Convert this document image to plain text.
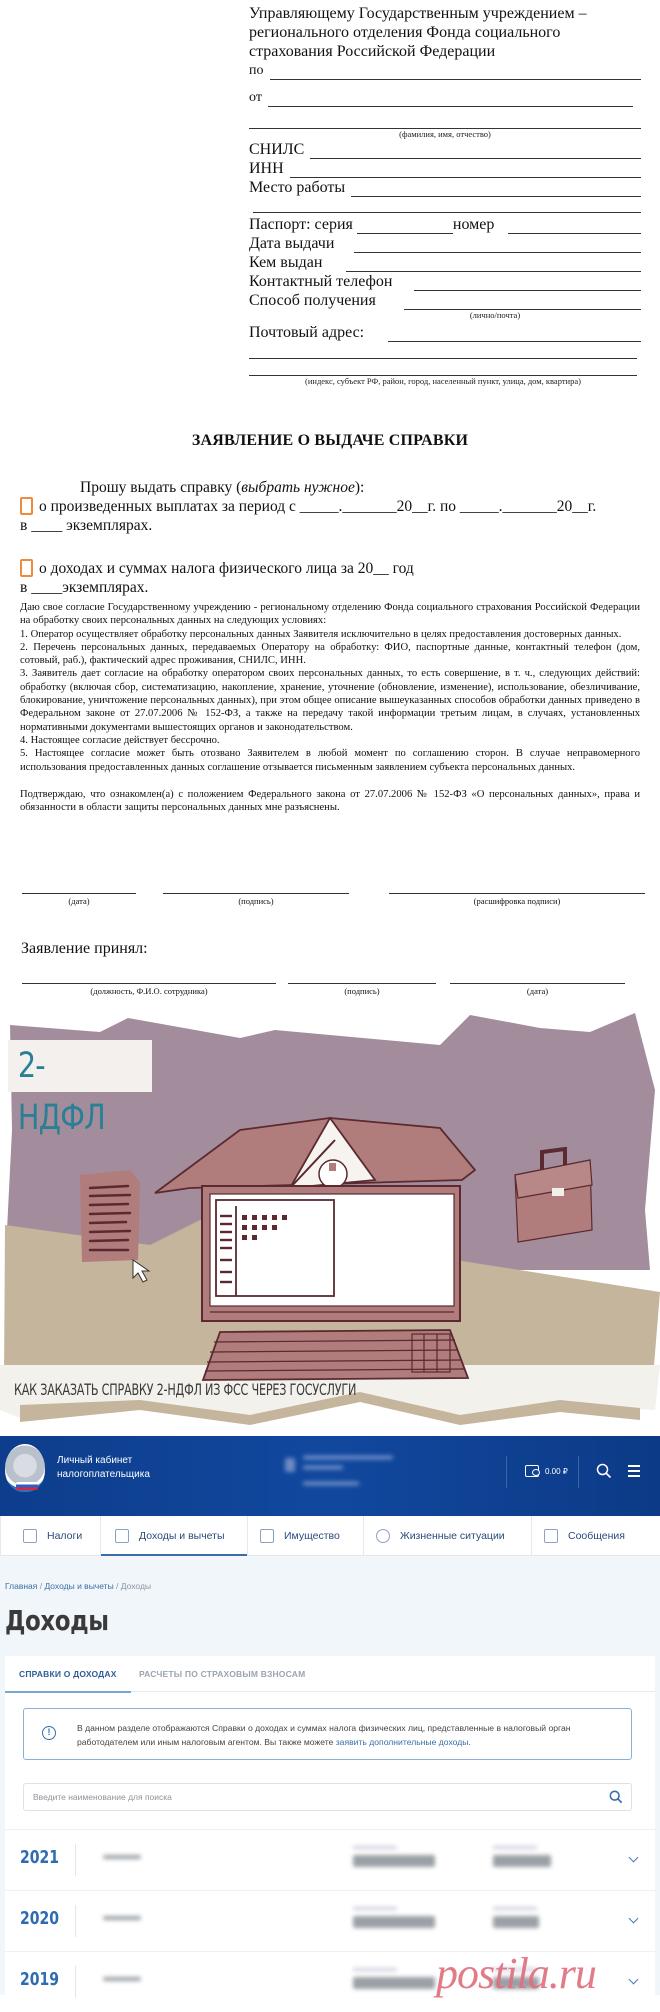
Управляющему Государственным учреждением –
регионального отделения Фонда социального
страхования Российской Федерации
по
от
(фамилия, имя, отчество)
СНИЛС
ИНН
Место работы
Паспорт: серия	номер
Дата выдачи
Кем выдан
Контактный телефон
Способ получения
(лично/почта)
Почтовый адрес:
(индекс, субъект РФ, район, город, населенный пункт, улица, дом, квартира)
ЗАЯВЛЕНИЕ О ВЫДАЧЕ СПРАВКИ
Прошу выдать справку (выбрать нужное):
о произведенных выплатах за период с _____._______20__г. по _____._______20__г.
в ____ экземплярах.
о доходах и суммах налога физического лица за 20__ год
в ____экземплярах.

Даю свое согласие Государственному учреждению - региональному отделению Фонда социального страхования Российской Федерации на обработку своих персональных данных на следующих условиях:

1. Оператор осуществляет обработку персональных данных Заявителя исключительно в целях предоставления достоверных данных.

2. Перечень персональных данных, передаваемых Оператору на обработку: ФИО, паспортные данные, контактный телефон (дом, сотовый, раб.), фактический адрес проживания, СНИЛС, ИНН.

3. Заявитель дает согласие на обработку оператором своих персональных данных, то есть совершение, в т. ч., следующих действий: обработку (включая сбор, систематизацию, накопление, хранение, уточнение (обновление, изменение), использование, обезличивание, блокирование, уничтожение персональных данных), при этом общее описание вышеуказанных способов обработки данных приведено в Федеральном законе от 27.07.2006 № 152-ФЗ, а также на передачу такой информации третьим лицам, в случаях, установленных нормативными документами вышестоящих органов и законодательством.

4. Настоящее согласие действует бессрочно.

5. Настоящее согласие может быть отозвано Заявителем в любой момент по соглашению сторон. В случае неправомерного использования предоставленных данных соглашение отзывается письменным заявлением субъекта персональных данных.

Подтверждаю, что ознакомлен(а) с положением Федерального закона от 27.07.2006 № 152-ФЗ «О персональных данных», права и обязанности в области защиты персональных данных мне разъяснены.

(дата)	(подпись)	(расшифровка подписи)
Заявление принял:
(должность, Ф.И.О. сотрудника)	(подпись)	(дата)
2-НДФЛ
КАК ЗАКАЗАТЬ СПРАВКУ 2-НДФЛ ИЗ ФСС ЧЕРЕЗ ГОСУСЛУГИ
Личный кабинет
налогоплательщика	0.00 ₽
Налоги	Доходы и вычеты	Имущество	Жизненные ситуации	Сообщения
Главная / Доходы и вычеты / Доходы
Доходы
СПРАВКИ О ДОХОДАХ	РАСЧЕТЫ ПО СТРАХОВЫМ ВЗНОСАМ
!	В данном разделе отображаются Справки о доходах и суммах налога физических лиц, представленные в налоговый орган работодателем или иным налоговым агентом. Вы также можете заявить дополнительные доходы.
Введите наименование для поиска
2021
2020
2019	postila.ru
